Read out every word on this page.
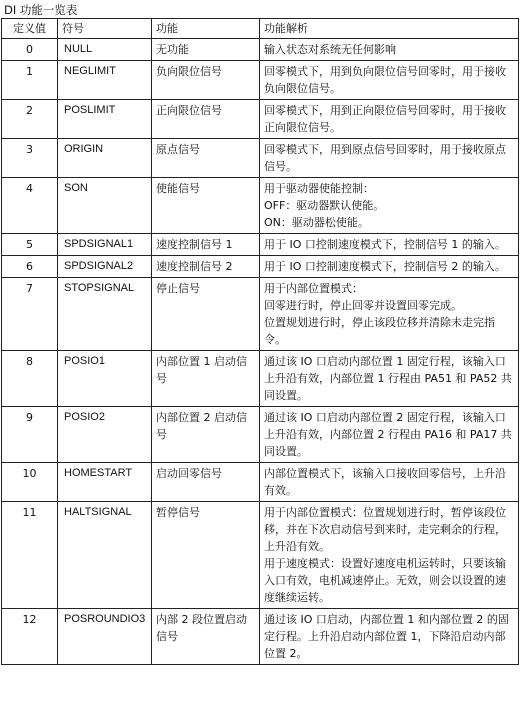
DI 功能一览表
定义值	符号	功能	功能解析
0	NULL	无功能	输入状态对系统无任何影响

1	NEGLIMIT	负向限位信号	回零模式下，用到负向限位信号回零时，用于接收负向限位信号。

2	POSLIMIT	正向限位信号	回零模式下，用到正向限位信号回零时，用于接收正向限位信号。

3	ORIGIN	原点信号	回零模式下，用到原点信号回零时，用于接收原点信号。

4	SON	使能信号	用于驱动器使能控制：
OFF：驱动器默认使能。
ON：驱动器松使能。

5	SPDSIGNAL1	速度控制信号 1	用于 IO 口控制速度模式下，控制信号 1 的输入。

6	SPDSIGNAL2	速度控制信号 2	用于 IO 口控制速度模式下，控制信号 2 的输入。

7	STOPSIGNAL	停止信号	用于内部位置模式：
回零进行时，停止回零并设置回零完成。
位置规划进行时，停止该段位移并清除未走完指令。

8	POSIO1	内部位置 1 启动信号	通过该 IO 口启动内部位置 1 固定行程，该输入口上升沿有效，内部位置 1 行程由 PA51 和 PA52 共同设置。

9	POSIO2	内部位置 2 启动信号	通过该 IO 口启动内部位置 2 固定行程，该输入口上升沿有效，内部位置 2 行程由 PA16 和 PA17 共同设置。

10	HOMESTART	启动回零信号	内部位置模式下，该输入口接收回零信号，上升沿有效。

11	HALTSIGNAL	暂停信号	用于内部位置模式：位置规划进行时，暂停该段位移，并在下次启动信号到来时，走完剩余的行程，上升沿有效。
用于速度模式：设置好速度电机运转时，只要该输入口有效，电机减速停止。无效，则会以设置的速度继续运转。

12	POSROUNDIO3	内部 2 段位置启动信号	通过该 IO 口启动，内部位置 1 和内部位置 2 的固定行程。上升沿启动内部位置 1，下降沿启动内部位置 2。
